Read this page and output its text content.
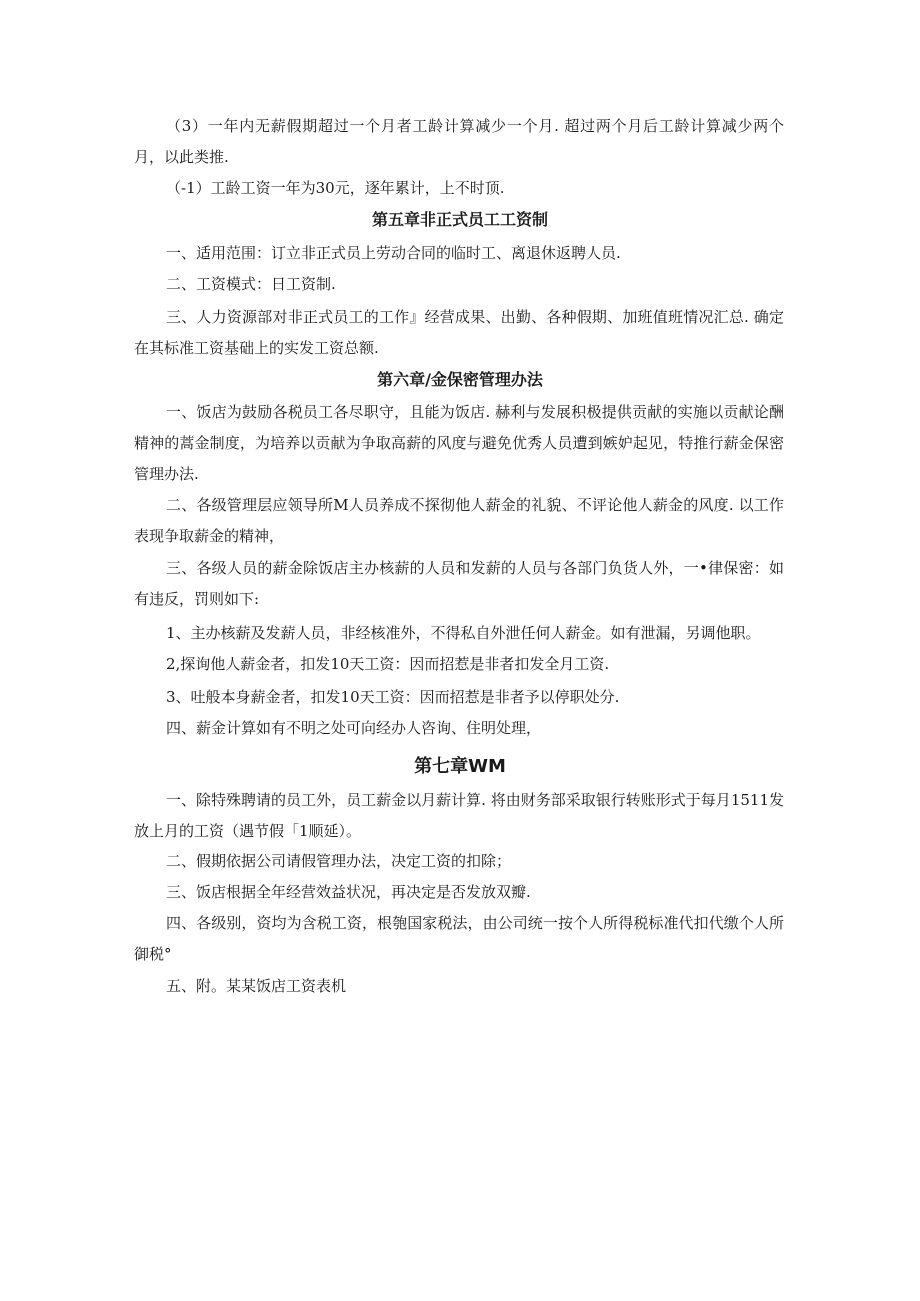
（3）一年内无薪假期超过一个月者工龄计算减少一个月. 超过两个月后工龄计算减少两个月，以此类推.

（-1）工龄工资一年为30元，逐年累计，上不时顶.

第五章非正式员工工资制

一、适用范围：订立非正式员上劳动合同的临时工、离退休返聘人员.

二、工资模式：日工资制.

三、人力资源部对非正式员工的工作』经营成果、出勤、各种假期、加班值班情况汇总. 确定在其标准工资基础上的实发工资总额.

第六章/金保密管理办法

一、饭店为鼓励各税员工各尽职守，且能为饭店. 赫利与发展积极提供贡献的实施以贡献论酬精神的蒿金制度，为培养以贡献为争取高薪的风度与避免优秀人员遭到嫉妒起见，特推行薪金保密管理办法.

二、各级管理层应领导所M人员养成不探彻他人薪金的礼貌、不评论他人薪金的风度. 以工作表现争取薪金的精神，

三、各级人员的薪金除饭店主办核薪的人员和发薪的人员与各部门负货人外，一•律保密：如有违反，罚则如下:

1、主办核薪及发薪人员，非经核准外，不得私自外泄任何人薪金。如有泄漏，另调他职。

2,探询他人薪金者，扣发10天工资：因而招惹是非者扣发全月工资.

3、吐般本身薪金者，扣发10天工资：因而招惹是非者予以停职处分.

四、薪金计算如有不明之处可向经办人咨询、住明处理，

第七章WM

一、除特殊聘请的员工外，员工薪金以月薪计算. 将由财务部采取银行转账形式于每月1511发放上月的工资（遇节假「1顺延）。

二、假期依据公司请假管理办法，决定工资的扣除；

三、饭店根据全年经营效益状况，再决定是否发放双瓣.

四、各级别，资均为含税工资，根匏国家税法，由公司统一按个人所得税标准代扣代缴个人所御税°

五、附。某某饭店工资表机
